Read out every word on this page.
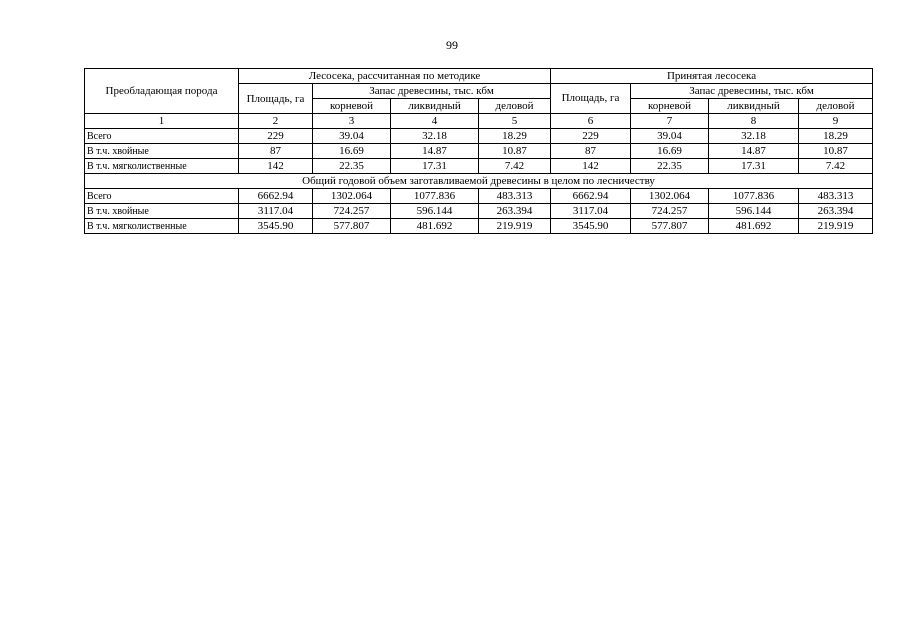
99
Преобладающая порода	Лесосека, рассчитанная по методике				Принятая лесосека			
	Площадь, га	Запас древесины, тыс. кбм			Площадь, га	Запас древесины, тыс. кбм		
		корневой	ликвидный	деловой		корневой	ликвидный	деловой
1	2	3	4	5	6	7	8	9
Всего	229	39.04	32.18	18.29	229	39.04	32.18	18.29
В т.ч. хвойные	87	16.69	14.87	10.87	87	16.69	14.87	10.87
В т.ч. мягколиственные	142	22.35	17.31	7.42	142	22.35	17.31	7.42
Общий годовой объем заготавливаемой древесины в целом по лесничеству								
Всего	6662.94	1302.064	1077.836	483.313	6662.94	1302.064	1077.836	483.313
В т.ч. хвойные	3117.04	724.257	596.144	263.394	3117.04	724.257	596.144	263.394
В т.ч. мягколиственные	3545.90	577.807	481.692	219.919	3545.90	577.807	481.692	219.919
